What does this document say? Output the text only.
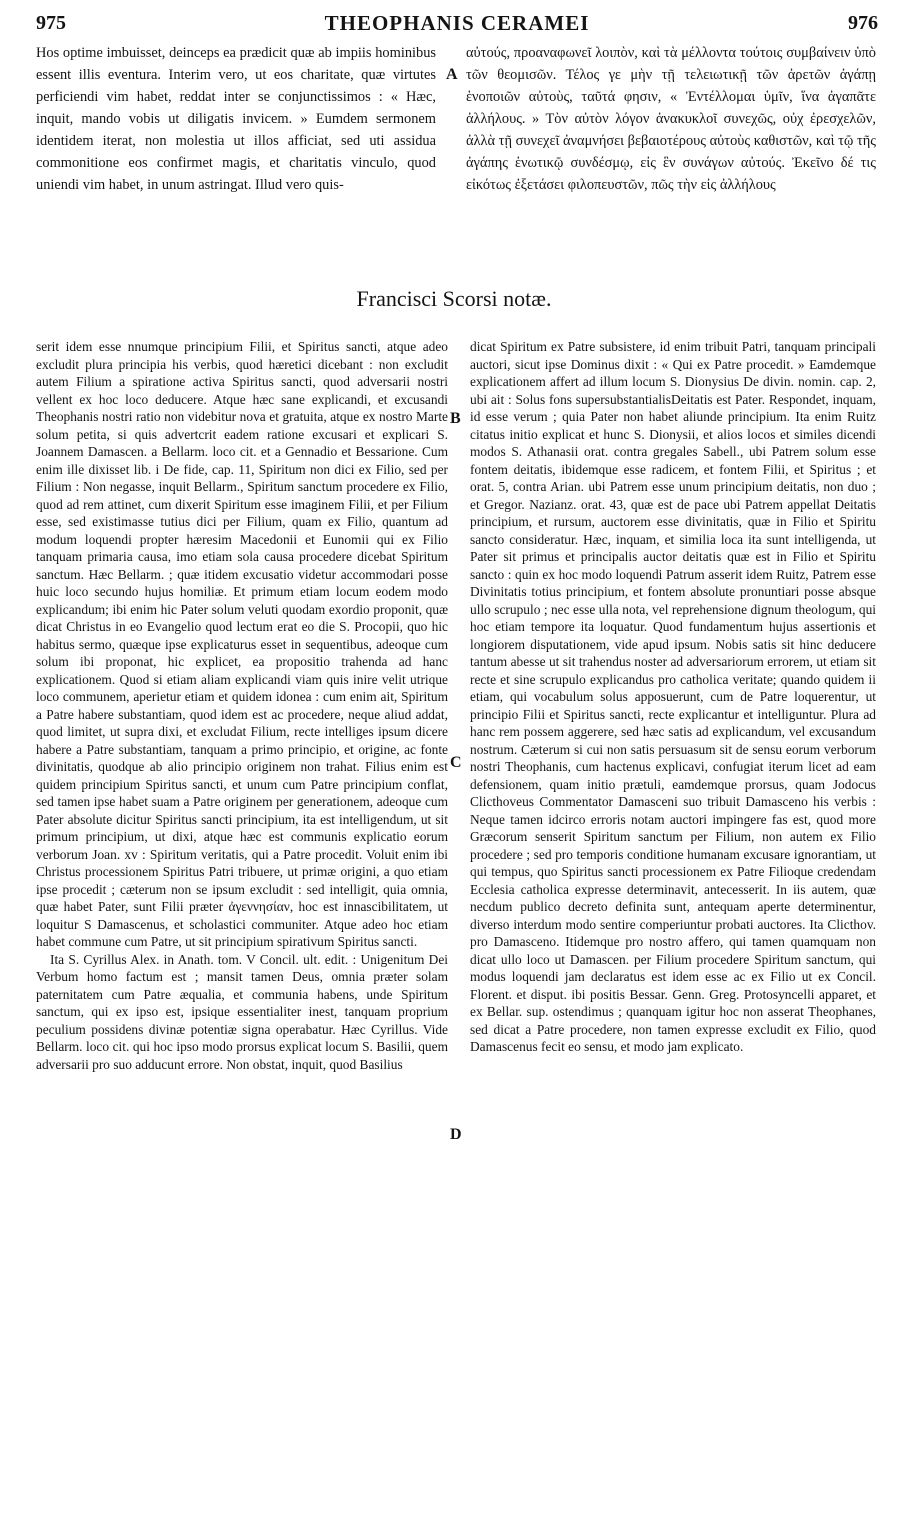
975	THEOPHANIS CERAMEI	976

Hos optime imbuisset, deinceps ea prædicit quæ ab impiis hominibus essent illis eventura. Interim vero, ut eos charitate, quæ virtutes perficiendi vim habet, reddat inter se conjunctissimos : « Hæc, inquit, mando vobis ut diligatis invicem. » Eumdem sermonem identidem iterat, non molestia ut illos afficiat, sed uti assidua commonitione eos confirmet magis, et charitatis vinculo, quod uniendi vim habet, in unum astringat. Illud vero quis-

αὐτούς, προαναφωνεῖ λοιπὸν, καὶ τὰ μέλλοντα τούτοις συμβαίνειν ὑπὸ τῶν θεομισῶν. Τέλος γε μὴν τῇ τελειωτικῇ τῶν ἀρετῶν ἀγάπῃ ἑνοποιῶν αὐτοὺς, ταῦτά φησιν, « Ἐντέλλομαι ὑμῖν, ἵνα ἀγαπᾶτε ἀλλήλους. » Τὸν αὐτὸν λόγον ἀνακυκλοῖ συνεχῶς, οὐχ ἐρεσχελῶν, ἀλλὰ τῇ συνεχεῖ ἀναμνήσει βεβαιοτέρους αὐτοὺς καθιστῶν, καὶ τῷ τῆς ἀγάπης ἑνωτικῷ συνδέσμῳ, εἰς ἓν συνάγων αὐτούς. Ἐκεῖνο δέ τις εἰκότως ἐξετάσει φιλοπευστῶν, πῶς τὴν εἰς ἀλλήλους

A
Francisci Scorsi notæ.

serit idem esse nnumque principium Filii, et Spiritus sancti, atque adeo excludit plura principia his verbis, quod hæretici dicebant : non excludit autem Filium a spiratione activa Spiritus sancti, quod adversarii nostri vellent ex hoc loco deducere. Atque hæc sane explicandi, et excusandi Theophanis nostri ratio non videbitur nova et gratuita, atque ex nostro Marte solum petita, si quis advertcrit eadem ratione excusari et explicari S. Joannem Damascen. a Bellarm. loco cit. et a Gennadio et Bessarione. Cum enim ille dixisset lib. i De fide, cap. 11, Spiritum non dici ex Filio, sed per Filium : Non negasse, inquit Bellarm., Spiritum sanctum procedere ex Filio, quod ad rem attinet, cum dixerit Spiritum esse imaginem Filii, et per Filium esse, sed existimasse tutius dici per Filium, quam ex Filio, quantum ad modum loquendi propter hæresim Macedonii et Eunomii qui ex Filio tanquam primaria causa, imo etiam sola causa procedere dicebat Spiritum sanctum. Hæc Bellarm. ; quæ itidem excusatio videtur accommodari posse huic loco secundo hujus homiliæ. Et primum etiam locum eodem modo explicandum; ibi enim hic Pater solum veluti quodam exordio proponit, quæ dicat Christus in eo Evangelio quod lectum erat eo die S. Procopii, quo hic habitus sermo, quæque ipse explicaturus esset in sequentibus, adeoque cum solum ibi proponat, hic explicet, ea propositio trahenda ad hanc explicationem. Quod si etiam aliam explicandi viam quis inire velit utrique loco communem, aperietur etiam et quidem idonea : cum enim ait, Spiritum a Patre habere substantiam, quod idem est ac procedere, neque aliud addat, quod limitet, ut supra dixi, et excludat Filium, recte intelliges ipsum dicere habere a Patre substantiam, tanquam a primo principio, et origine, ac fonte divinitatis, quodque ab alio principio originem non trahat. Filius enim est quidem principium Spiritus sancti, et unum cum Patre principium conflat, sed tamen ipse habet suam a Patre originem per generationem, adeoque cum Pater absolute dicitur Spiritus sancti principium, ita est intelligendum, ut sit primum principium, ut dixi, atque hæc est communis explicatio eorum verborum Joan. xv : Spiritum veritatis, qui a Patre procedit. Voluit enim ibi Christus processionem Spiritus Patri tribuere, ut primæ origini, a quo etiam ipse procedit ; cæterum non se ipsum excludit : sed intelligit, quia omnia, quæ habet Pater, sunt Filii præter ἀγεννησίαν, hoc est innascibilitatem, ut loquitur S Damascenus, et scholastici communiter. Atque adeo hoc etiam habet commune cum Patre, ut sit principium spirativum Spiritus sancti.

Ita S. Cyrillus Alex. in Anath. tom. V Concil. ult. edit. : Unigenitum Dei Verbum homo factum est ; mansit tamen Deus, omnia præter solam paternitatem cum Patre æqualia, et communia habens, unde Spiritum sanctum, qui ex ipso est, ipsique essentialiter inest, tanquam proprium peculium possidens divinæ potentiæ signa operabatur. Hæc Cyrillus. Vide Bellarm. loco cit. qui hoc ipso modo prorsus explicat locum S. Basilii, quem adversarii pro suo adducunt errore. Non obstat, inquit, quod Basilius

B
C
D

dicat Spiritum ex Patre subsistere, id enim tribuit Patri, tanquam principali auctori, sicut ipse Dominus dixit : « Qui ex Patre procedit. » Eamdemque explicationem affert ad illum locum S. Dionysius De divin. nomin. cap. 2, ubi ait : Solus fons supersubstantialisDeitatis est Pater. Respondet, inquam, id esse verum ; quia Pater non habet aliunde principium. Ita enim Ruitz citatus initio explicat et hunc S. Dionysii, et alios locos et similes dicendi modos S. Athanasii orat. contra gregales Sabell., ubi Patrem solum esse fontem deitatis, ibidemque esse radicem, et fontem Filii, et Spiritus ; et orat. 5, contra Arian. ubi Patrem esse unum principium deitatis, non duo ; et Gregor. Nazianz. orat. 43, quæ est de pace ubi Patrem appellat Deitatis principium, et rursum, auctorem esse divinitatis, quæ in Filio et Spiritu sancto consideratur. Hæc, inquam, et similia loca ita sunt intelligenda, ut Pater sit primus et principalis auctor deitatis quæ est in Filio et Spiritu sancto : quin ex hoc modo loquendi Patrum asserit idem Ruitz, Patrem esse Divinitatis totius principium, et fontem absolute pronuntiari posse absque ullo scrupulo ; nec esse ulla nota, vel reprehensione dignum theologum, qui hoc etiam tempore ita loquatur. Quod fundamentum hujus assertionis et longiorem disputationem, vide apud ipsum. Nobis satis sit hinc deducere tantum abesse ut sit trahendus noster ad adversariorum errorem, ut etiam sit recte et sine scrupulo explicandus pro catholica veritate; quando quidem ii etiam, qui vocabulum solus apposuerunt, cum de Patre loquerentur, ut principio Filii et Spiritus sancti, recte explicantur et intelliguntur. Plura ad hanc rem possem aggerere, sed hæc satis ad explicandum, vel excusandum nostrum. Cæterum si cui non satis persuasum sit de sensu eorum verborum nostri Theophanis, cum hactenus explicavi, confugiat iterum licet ad eam defensionem, quam initio prætuli, eamdemque prorsus, quam Jodocus Clicthoveus Commentator Damasceni suo tribuit Damasceno his verbis : Neque tamen idcirco erroris notam auctori impingere fas est, quod more Græcorum senserit Spiritum sanctum per Filium, non autem ex Filio procedere ; sed pro temporis conditione humanam excusare ignorantiam, ut qui tempus, quo Spiritus sancti processionem ex Patre Filioque credendam Ecclesia catholica expresse determinavit, antecesserit. In iis autem, quæ necdum publico decreto definita sunt, antequam aperte determinentur, diverso interdum modo sentire comperiuntur probati auctores. Ita Clicthov. pro Damasceno. Itidemque pro nostro affero, qui tamen quamquam non dicat ullo loco ut Damascen. per Filium procedere Spiritum sanctum, qui modus loquendi jam declaratus est idem esse ac ex Filio ut ex Concil. Florent. et disput. ibi positis Bessar. Genn. Greg. Protosyncelli apparet, et ex Bellar. sup. ostendimus ; quanquam igitur hoc non asserat Theophanes, sed dicat a Patre procedere, non tamen expresse excludit ex Filio, quod Damascenus fecit eo sensu, et modo jam explicato.
